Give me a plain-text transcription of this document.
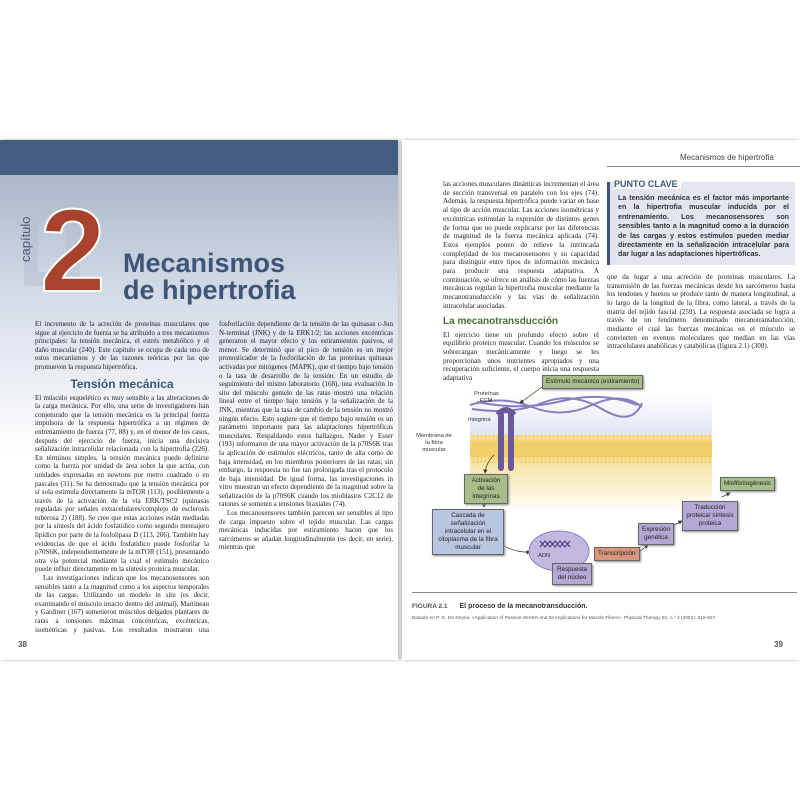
2
capítulo
Mecanismos
de hipertrofia

El incremento de la acreción de proteínas musculares que sigue al ejercicio de fuerza se ha atribuido a tres mecanismos principales: la tensión mecánica, el estrés metabólico y el daño muscular (240). Este capítulo se ocupa de cada uno de estos mecanismos y de las razones teóricas por las que promueven la respuesta hipertrófica.

Tensión mecánica

El músculo esquelético es muy sensible a las alteraciones de la carga mecánica. Por ello, una serie de investigadores han conjeturado que la tensión mecánica es la principal fuerza impulsora de la respuesta hipertrófica a un régimen de entrenamiento de fuerza (77, 88) y, en el menor de los casos, después del ejercicio de fuerza, inicia una decisiva señalización intracelular relacionada con la hipertrofia (226). En términos simples, la tensión mecánica puede definirse como la fuerza por unidad de área sobre la que actúa, con unidades expresadas en newtons por metro cuadrado o en pascales (31). Se ha demostrado que la tensión mecánica por sí sola estimula directamente la mTOR (113), posiblemente a través de la activación de la vía ERK/TSC2 (quinasas reguladas por señales extracelulares/complejo de esclerosis tuberosa 2) (188). Se cree que estas acciones están mediadas por la síntesis del ácido fosfatídico como segundo mensajero lipídico por parte de la fosfolipasa D (113, 206). También hay evidencias de que el ácido fosfatídico puede fosforilar la p70S6K, independientemente de la mTOR (151), presentando otra vía potencial mediante la cual el estímulo mecánico puede influir directamente en la síntesis proteica muscular.

Las investigaciones indican que los mecanosensores son sensibles tanto a la magnitud como a los aspectos temporales de las cargas. Utilizando un modelo in situ (es decir, examinando el músculo intacto dentro del animal), Martineau y Gardiner (167) sometieron músculos delgados plantares de ratas a tensiones máximas concéntricas, excéntricas, isométricas y pasivas. Los resultados mostraron una fosforilación dependiente de la tensión de las quinasas c-Jun N-terminal (JNK) y de la ERK1/2; las acciones excéntricas generaron el mayor efecto y los estiramientos pasivos, el menor. Se determinó que el pico de tensión es un mejor pronosticador de la fosforilación de las proteínas quinasas activadas por mitógenos (MAPK), que el tiempo bajo tensión o la tasa de desarrollo de la tensión. En un estudio de seguimiento del mismo laboratorio (168), una evaluación in situ del músculo gemelo de las ratas mostró una relación lineal entre el tiempo bajo tensión y la señalización de la JNK, mientras que la tasa de cambio de la tensión no mostró ningún efecto. Esto sugiere que el tiempo bajo tensión es un parámetro importante para las adaptaciones hipertróficas musculares. Respaldando estos hallazgos, Nader y Esser (193) informaron de una mayor activación de la p70S6K tras la aplicación de estímulos eléctricos, tanto de alta como de baja intensidad, en los miembros posteriores de las ratas; sin embargo, la respuesta no fue tan prolongada tras el protocolo de baja intensidad. De igual forma, las investigaciones in vitro muestran un efecto dependiente de la magnitud sobre la señalización de la p70S6K cuando los mioblastos C2C12 de ratones se someten a tensiones biaxiales (74).

Los mecanosensores también parecen ser sensibles al tipo de carga impuesto sobre el tejido muscular. Las cargas mecánicas inducidas por estiramiento hacen que los sarcómeros se añadan longitudinalmente (es decir, en serie), mientras que

38
Mecanismos de hipertrofia

las acciones musculares dinámicas incrementan el área de sección transversal en paralelo con los ejes (74). Además, la respuesta hipertrófica puede variar en base al tipo de acción muscular. Las acciones isométricas y excéntricas estimulan la expresión de distintos genes de forma que no puede explicarse por las diferencias de magnitud de la fuerza mecánica aplicada (74). Estos ejemplos ponen de relieve la intrincada complejidad de los mecanosensores y su capacidad para distinguir entre tipos de información mecánica para producir una respuesta adaptativa. A continuación, se ofrece un análisis de cómo las fuerzas mecánicas regulan la hipertrofia muscular mediante la mecanotransducción y las vías de señalización intracelular asociadas.

La mecanotransducción

El ejercicio tiene un profundo efecto sobre el equilibrio proteico muscular. Cuando los músculos se sobrecargan mecánicamente y luego se les proporcionan unos nutrientes apropiados y una recuperación suficiente, el cuerpo inicia una respuesta adaptativa

PUNTO CLAVE
La tensión mecánica es el factor más importante en la hipertrofia muscular inducida por el entrenamiento. Los mecanosensores son sensibles tanto a la magnitud como a la duración de las cargas y estos estímulos pueden mediar directamente en la señalización intracelular para dar lugar a las adaptaciones hipertróficas.

que da lugar a una acreción de proteínas musculares. La transmisión de las fuerzas mecánicas desde los sarcómeros hasta los tendones y huesos se produce tanto de manera longitudinal, a lo largo de la longitud de la fibra, como lateral, a través de la matriz del tejido fascial (259). La respuesta asociada se logra a través de un fenómeno denominado mecanotransducción, mediante el cual las fuerzas mecánicas en el músculo se convierten en eventos moleculares que median en las vías intracelulares anabólicas y catabólicas (figura 2.1) (308).

Estímulo mecánico (estiramiento)
Proteínas ECM
Integrina
Membrana de la fibra muscular
Activación de las integrinas
Cascada de señalización intracelular en el citoplasma de la fibra muscular
ADN
Respuesta del núcleo
Transcripción
Expresión genética
Traducción proteica/ síntesis proteica
Miofibrilogénesis
FIGURA 2.1 El proceso de la mecanotransducción.
Basado en P. G. De Deyne, «Application of Passive Stretch and Its Implications for Muscle Fibers», Physical Therapy 81, n.º 2 (2001): 819-827.
39
